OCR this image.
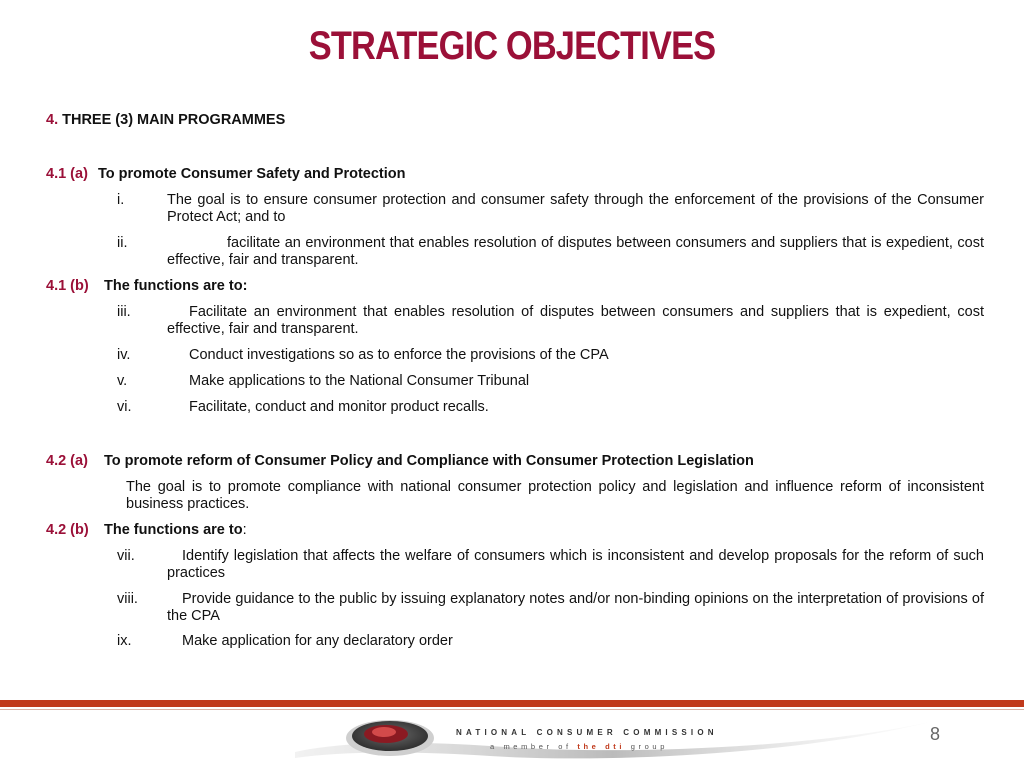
STRATEGIC OBJECTIVES
4. THREE (3) MAIN PROGRAMMES
4.1 (a) To promote Consumer Safety and Protection
i.	The goal is to ensure consumer protection and consumer safety through the enforcement of the provisions of the Consumer Protect Act; and to
ii.	facilitate an environment that enables resolution of disputes between consumers and suppliers that is expedient, cost effective, fair and transparent.
4.1 (b) The functions are to:
iii.	Facilitate an environment that enables resolution of disputes between consumers and suppliers that is expedient, cost effective, fair and transparent.
iv.	Conduct investigations so as to enforce the provisions of the CPA
v.	Make applications to the National Consumer Tribunal
vi.	Facilitate, conduct and monitor product recalls.
4.2 (a) To promote reform of Consumer Policy and Compliance with Consumer Protection Legislation
The goal is to promote compliance with national consumer protection policy and legislation and influence reform of inconsistent business practices.
4.2 (b) The functions are to:
vii.	Identify legislation that affects the welfare of consumers which is inconsistent and develop proposals for the reform of such practices
viii.	Provide guidance to the public by issuing explanatory notes and/or non-binding opinions on the interpretation of provisions of the CPA
ix.	Make application for any declaratory order
NATIONAL CONSUMER COMMISSION
a member of the dti group
8
